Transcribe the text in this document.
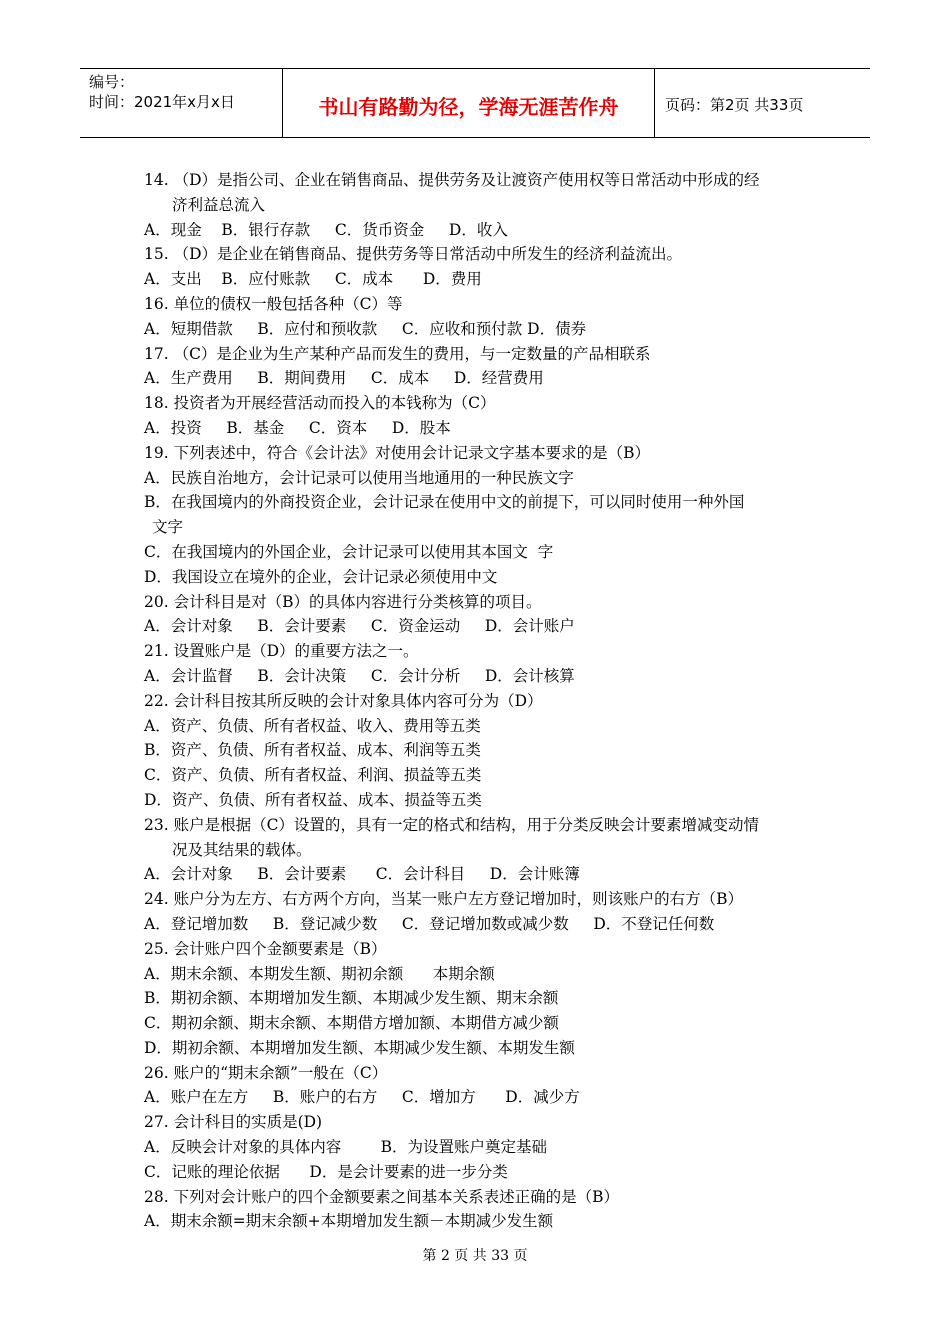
编号：
时间：2021年x月x日	书山有路勤为径，学海无涯苦作舟	页码：第2页 共33页
14. （D）是指公司、企业在销售商品、提供劳务及让渡资产使用权等日常活动中形成的经
济利益总流入
A．现金    B．银行存款     C．货币资金     D．收入
15. （D）是企业在销售商品、提供劳务等日常活动中所发生的经济利益流出。
A．支出    B．应付账款     C．成本      D．费用
16. 单位的债权一般包括各种（C）等
A．短期借款     B．应付和预收款     C．应收和预付款 D．债券
17. （C）是企业为生产某种产品而发生的费用，与一定数量的产品相联系
A．生产费用     B．期间费用     C．成本     D．经营费用
18. 投资者为开展经营活动而投入的本钱称为（C）
A．投资     B．基金     C．资本     D．股本
19. 下列表述中，符合《会计法》对使用会计记录文字基本要求的是（B）
A．民族自治地方，会计记录可以使用当地通用的一种民族文字
B．在我国境内的外商投资企业，会计记录在使用中文的前提下，可以同时使用一种外国
文字
C．在我国境内的外国企业，会计记录可以使用其本国文  字
D．我国设立在境外的企业，会计记录必须使用中文
20. 会计科目是对（B）的具体内容进行分类核算的项目。
A．会计对象     B．会计要素     C．资金运动     D．会计账户
21. 设置账户是（D）的重要方法之一。
A．会计监督     B．会计决策     C．会计分析     D．会计核算
22. 会计科目按其所反映的会计对象具体内容可分为（D）
A．资产、负债、所有者权益、收入、费用等五类
B．资产、负债、所有者权益、成本、利润等五类
C．资产、负债、所有者权益、利润、损益等五类
D．资产、负债、所有者权益、成本、损益等五类
23. 账户是根据（C）设置的，具有一定的格式和结构，用于分类反映会计要素增减变动情
况及其结果的载体。
A．会计对象     B．会计要素      C．会计科目     D．会计账簿
24. 账户分为左方、右方两个方向，当某一账户左方登记增加时，则该账户的右方（B）
A．登记增加数     B．登记减少数     C．登记增加数或减少数     D．不登记任何数
25. 会计账户四个金额要素是（B）
A．期末余额、本期发生额、期初余额      本期余额
B．期初余额、本期增加发生额、本期减少发生额、期末余额
C．期初余额、期末余额、本期借方增加额、本期借方减少额
D．期初余额、本期增加发生额、本期减少发生额、本期发生额
26. 账户的“期末余额”一般在（C）
A．账户在左方     B．账户的右方     C．增加方      D．减少方
27. 会计科目的实质是(D)
A．反映会计对象的具体内容        B．为设置账户奠定基础
C．记账的理论依据      D．是会计要素的进一步分类
28. 下列对会计账户的四个金额要素之间基本关系表述正确的是（B）
A．期末余额=期末余额+本期增加发生额－本期减少发生额
第 2 页 共 33 页
